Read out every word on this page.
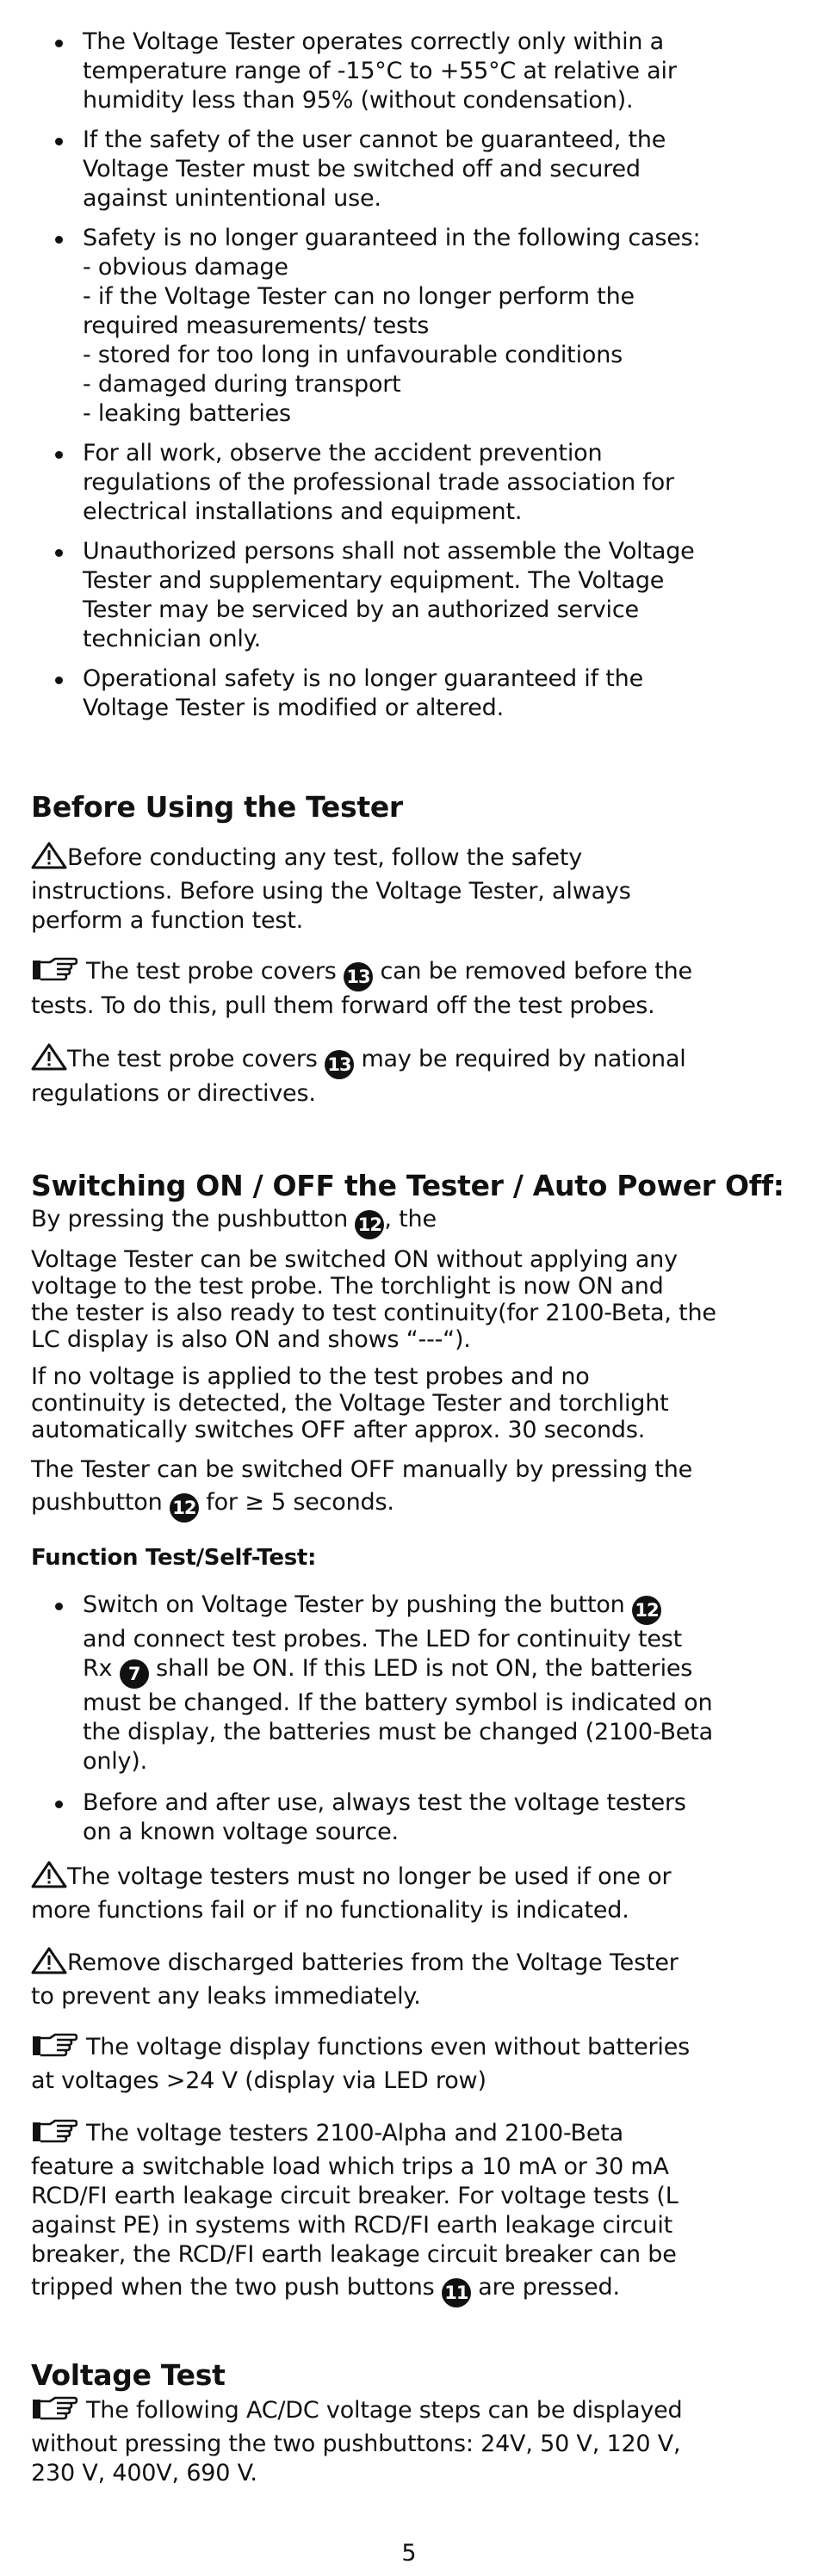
The Voltage Tester operates correctly only within a
temperature range of -15°C to +55°C at relative air
humidity less than 95% (without condensation).
If the safety of the user cannot be guaranteed, the
Voltage Tester must be switched off and secured
against unintentional use.
Safety is no longer guaranteed in the following cases:
- obvious damage
- if the Voltage Tester can no longer perform the
required measurements/ tests
- stored for too long in unfavourable conditions
- damaged during transport
- leaking batteries
For all work, observe the accident prevention
regulations of the professional trade association for
electrical installations and equipment.
Unauthorized persons shall not assemble the Voltage
Tester and supplementary equipment. The Voltage
Tester may be serviced by an authorized service
technician only.
Operational safety is no longer guaranteed if the
Voltage Tester is modified or altered.
Before Using the Tester

Before conducting any test, follow the safety

instructions. Before using the Voltage Tester, always

perform a function test.

The test probe covers 13 can be removed before the

tests. To do this, pull them forward off the test probes.

The test probe covers 13 may be required by national

regulations or directives.

Switching ON / OFF the Tester / Auto Power Off:

By pressing the pushbutton 12 , the

Voltage Tester can be switched ON without applying any

voltage to the test probe. The torchlight is now ON and

the tester is also ready to test continuity(for 2100-Beta, the

LC display is also ON and shows “---“).

If no voltage is applied to the test probes and no

continuity is detected, the Voltage Tester and torchlight

automatically switches OFF after approx. 30 seconds.

The Tester can be switched OFF manually by pressing the

pushbutton 12 for ≥ 5 seconds.

Function Test/Self-Test:
Switch on Voltage Tester by pushing the button 12
and connect test probes. The LED for continuity test
Rx 7 shall be ON. If this LED is not ON, the batteries
must be changed. If the battery symbol is indicated on
the display, the batteries must be changed (2100-Beta
only).
Before and after use, always test the voltage testers
on a known voltage source.

The voltage testers must no longer be used if one or

more functions fail or if no functionality is indicated.

Remove discharged batteries from the Voltage Tester

to prevent any leaks immediately.

The voltage display functions even without batteries

at voltages >24 V (display via LED row)

The voltage testers 2100-Alpha and 2100-Beta

feature a switchable load which trips a 10 mA or 30 mA

RCD/FI earth leakage circuit breaker. For voltage tests (L

against PE) in systems with RCD/FI earth leakage circuit

breaker, the RCD/FI earth leakage circuit breaker can be

tripped when the two push buttons 11 are pressed.

Voltage Test

The following AC/DC voltage steps can be displayed

without pressing the two pushbuttons: 24V, 50 V, 120 V,

230 V, 400V, 690 V.

5
